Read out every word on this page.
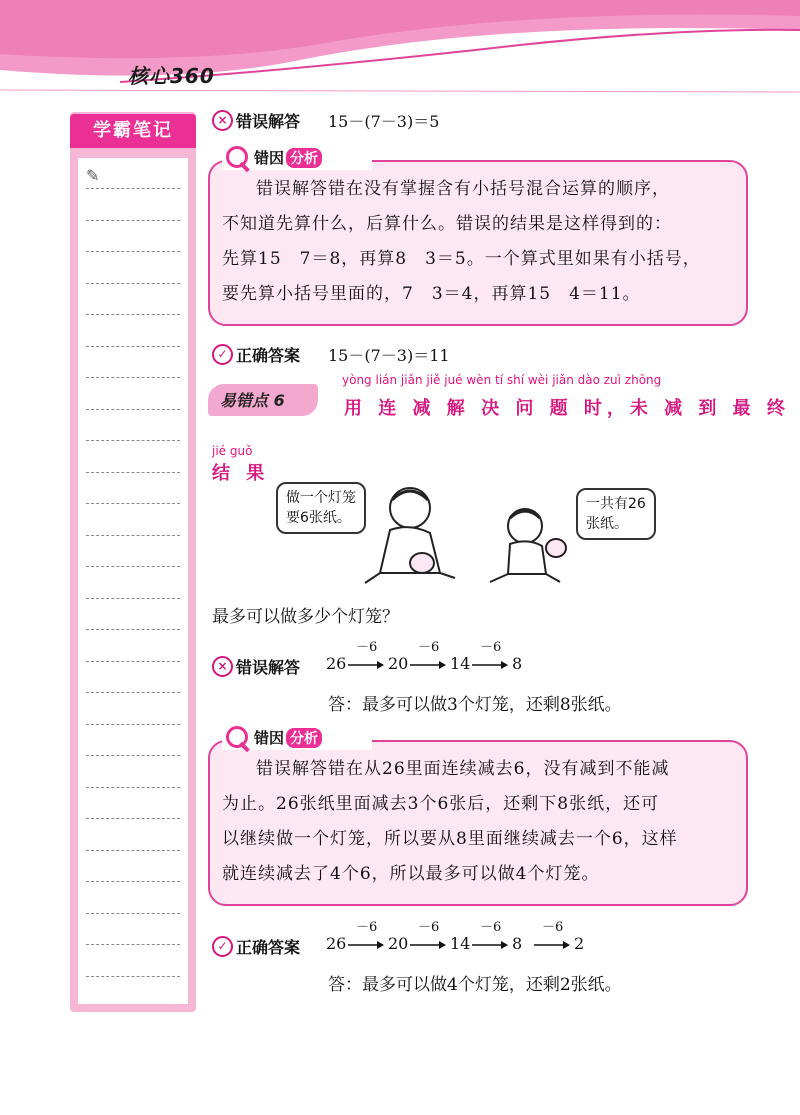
核心360
学霸笔记
✎
× 错误解答 15－(7－3)＝5
错因 分析
错误解答错在没有掌握含有小括号混合运算的顺序，
不知道先算什么，后算什么。错误的结果是这样得到的：
先算15　7＝8，再算8　3＝5。一个算式里如果有小括号，
要先算小括号里面的，7　3＝4，再算15　4＝11。
✓ 正确答案 15－(7－3)＝11
易错点 6
yòng lián jiǎn jiě jué wèn tí shí wèi jiǎn dào zuì zhōng
用 连 减 解 决 问 题 时，未 减 到 最 终
jié guǒ
结 果
做一个灯笼
要6张纸。
一共有26
张纸。
最多可以做多少个灯笼？
× 错误解答 26
－6
20
－6
14
－6
8
答：最多可以做3个灯笼，还剩8张纸。
错因 分析
错误解答错在从26里面连续减去6，没有减到不能减
为止。26张纸里面减去3个6张后，还剩下8张纸，还可
以继续做一个灯笼，所以要从8里面继续减去一个6，这样
就连续减去了4个6，所以最多可以做4个灯笼。
✓ 正确答案 26
－6
20
－6
14
－6
8
－6
2
答：最多可以做4个灯笼，还剩2张纸。
